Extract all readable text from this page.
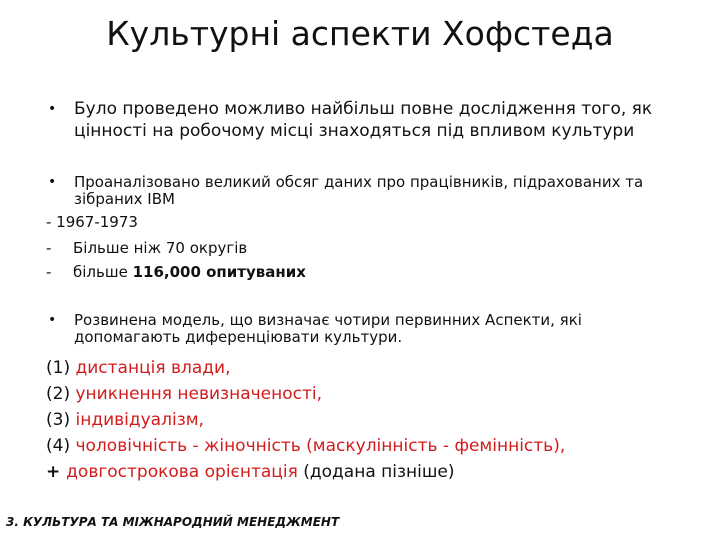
Культурні аспекти Хофстеда
•	Було проведено можливо найбільш повне дослідження того, як цінності на робочому місці знаходяться під впливом культури
•	Проаналізовано великий обсяг даних про працівників, підрахованих та зібраних IBM
- 1967-1973
- Більше ніж 70 округів
- більше 116,000 опитуваних
•	Розвинена модель, що визначає чотири первинних Аспекти, які допомагають диференціювати культури.
(1) дистанція влади,
(2) уникнення невизначеності,
(3) індивідуалізм,
(4) чоловічність - жіночність (маскулінність - фемінність),
+ довгострокова орієнтація (додана пізніше)
3. КУЛЬТУРА ТА МІЖНАРОДНИЙ МЕНЕДЖМЕНТ
